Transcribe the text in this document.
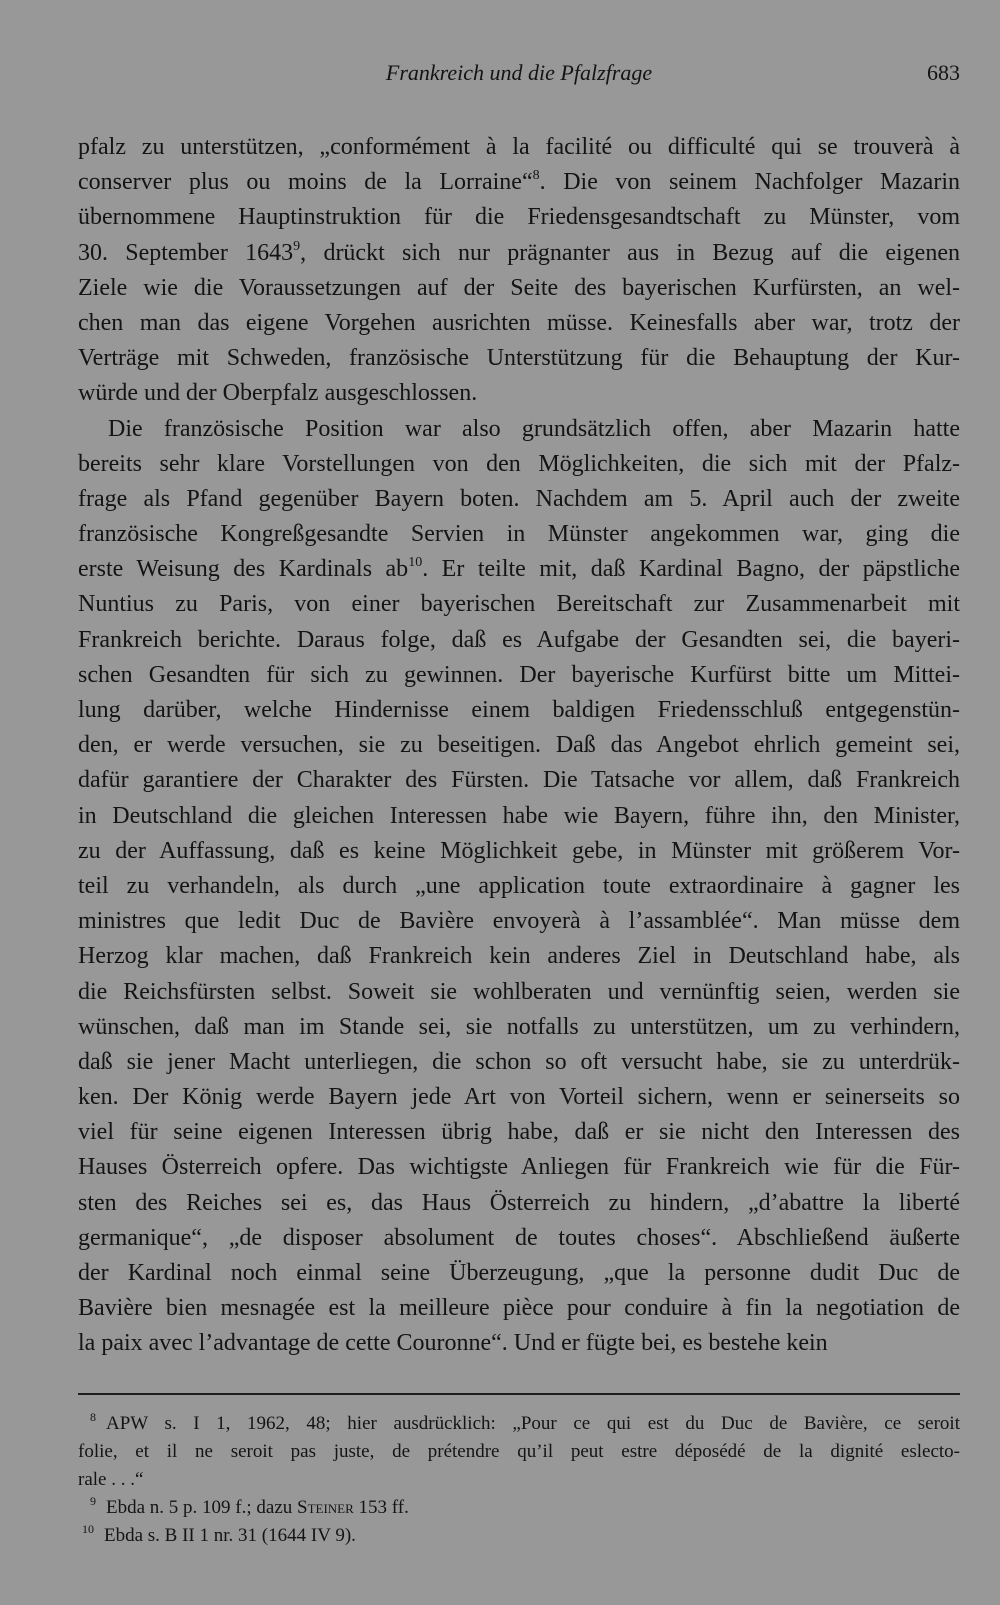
Frankreich und die Pfalzfrage	683
pfalz zu unterstützen, „conformément à la facilité ou difficulté qui se trouverà à
conserver plus ou moins de la Lorraine“$^8$. Die von seinem Nachfolger Mazarin
übernommene Hauptinstruktion für die Friedensgesandtschaft zu Münster, vom
30. September 1643$^9$, drückt sich nur prägnanter aus in Bezug auf die eigenen
Ziele wie die Voraussetzungen auf der Seite des bayerischen Kurfürsten, an wel-
chen man das eigene Vorgehen ausrichten müsse. Keinesfalls aber war, trotz der
Verträge mit Schweden, französische Unterstützung für die Behauptung der Kur-
würde und der Oberpfalz ausgeschlossen.
Die französische Position war also grundsätzlich offen, aber Mazarin hatte
bereits sehr klare Vorstellungen von den Möglichkeiten, die sich mit der Pfalz-
frage als Pfand gegenüber Bayern boten. Nachdem am 5. April auch der zweite
französische Kongreßgesandte Servien in Münster angekommen war, ging die
erste Weisung des Kardinals $ab^{10}$. Er teilte mit, daß Kardinal Bagno, der päpstliche
Nuntius zu Paris, von einer bayerischen Bereitschaft zur Zusammenarbeit mit
Frankreich berichte. Daraus folge, daß es Aufgabe der Gesandten sei, die bayeri-
schen Gesandten für sich zu gewinnen. Der bayerische Kurfürst bitte um Mittei-
lung darüber, welche Hindernisse einem baldigen Friedensschluß entgegenstün-
den, er werde versuchen, sie zu beseitigen. Daß das Angebot ehrlich gemeint sei,
dafür garantiere der Charakter des Fürsten. Die Tatsache vor allem, daß Frankreich
in Deutschland die gleichen Interessen habe wie Bayern, führe ihn, den Minister,
zu der Auffassung, daß es keine Möglichkeit gebe, in Münster mit größerem Vor-
teil zu verhandeln, als durch „une application toute extraordinaire à gagner les
ministres que ledit Duc de Bavière envoyerà à l’assamblée“. Man müsse dem
Herzog klar machen, daß Frankreich kein anderes Ziel in Deutschland habe, als
die Reichsfürsten selbst. Soweit sie wohlberaten und vernünftig seien, werden sie
wünschen, daß man im Stande sei, sie notfalls zu unterstützen, um zu verhindern,
daß sie jener Macht unterliegen, die schon so oft versucht habe, sie zu unterdrük-
ken. Der König werde Bayern jede Art von Vorteil sichern, wenn er seinerseits so
viel für seine eigenen Interessen übrig habe, daß er sie nicht den Interessen des
Hauses Österreich opfere. Das wichtigste Anliegen für Frankreich wie für die Für-
sten des Reiches sei es, das Haus Österreich zu hindern, „d’abattre la liberté
germanique“, „de disposer absolument de toutes choses“. Abschließend äußerte
der Kardinal noch einmal seine Überzeugung, „que la personne dudit Duc de
Bavière bien mesnagée est la meilleure pièce pour conduire à fin la negotiation de
la paix avec l’advantage de cette Couronne“. Und er fügte bei, es bestehe kein
$^8$ APW s. I 1, 1962, 48; hier ausdrücklich: „Pour ce qui est du Duc de Bavière, ce seroit
folie, et il ne seroit pas juste, de prétendre qu’il peut estre déposédé de la dignité eslecto-
rale . . .“
$^9$ Ebda n. 5 p. 109 f.; dazu Steiner 153 ff.
$^{10}$ Ebda s. B II 1 nr. 31 (1644 IV 9).
